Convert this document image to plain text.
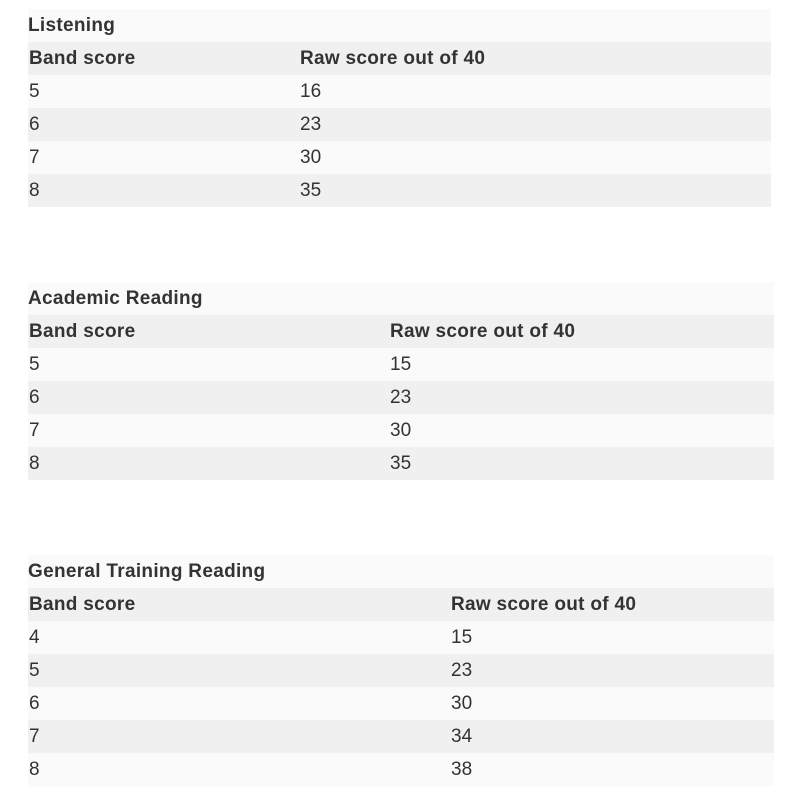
Listening
Band score	Raw score out of 40
5	16
6	23
7	30
8	35
Academic Reading
Band score	Raw score out of 40
5	15
6	23
7	30
8	35
General Training Reading
Band score	Raw score out of 40
4	15
5	23
6	30
7	34
8	38
